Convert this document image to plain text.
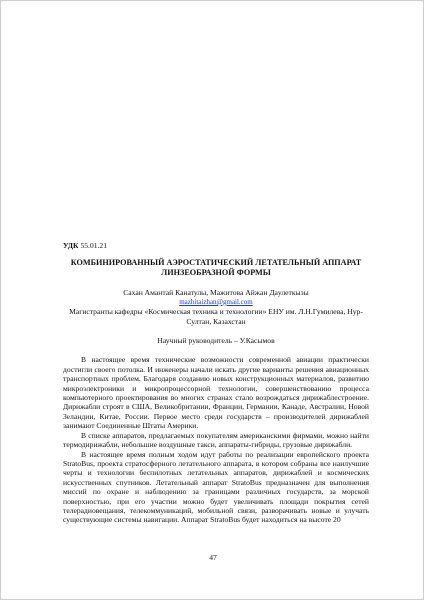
УДК 55.01.21

КОМБИНИРОВАННЫЙ АЭРОСТАТИЧЕСКИЙ ЛЕТАТЕЛЬНЫЙ АППАРАТ ЛИНЗЕОБРАЗНОЙ ФОРМЫ

Сахан Амантай Канатулы, Мажитова Айжан Дaулеткызы

mazhitaizhan@gmail.com

Магистранты кафедры «Космическая техника и технологии» ЕНУ им. Л.Н.Гумилева, Нур-Султан, Казахстан

Научный руководитель – У.Касымов

В настоящее время технические возможности современной авиации практически достигли своего потолка. И инженеры начали искать другие варианты решения авиационных транспортных проблем. Благодаря созданию новых конструкционных материалов, развитию микроэлектроники и микропроцессорной технологии, совершенствованию процесса компьютерного проектирования во многих странах стало возрождаться дирижаблестроение. Дирижабли строят в США, Великобритании, Франции, Германии, Канаде, Австралии, Новой Зеландии, Китае, России. Первое место среди государств – производителей дирижаблей занимают Соединенные Штаты Америки.

В списке аппаратов, предлагаемых покупателям американскими фирмами, можно найти термодирижабли, небольшие воздушные такси, аппараты-гибриды, грузовые дирижабли.

В настоящее время полным ходом идут работы по реализации европейского проекта StratoBus, проекта стратосферного летательного аппарата, в котором собраны все наилучшие черты и технологии беспилотных летательных аппаратов, дирижаблей и космических искусственных спутников. Летательный аппарат StratoBus предназначен для выполнения миссий по охране и наблюдению за границами различных государств, за морской поверхностью, при его участии можно будет увеличивать площади покрытия сетей телерадиовещания, телекоммуникаций, мобильной связи, разворачивать новые и улучать существующие системы навигации. Аппарат StratoBus будет находиться на высоте 20

47
